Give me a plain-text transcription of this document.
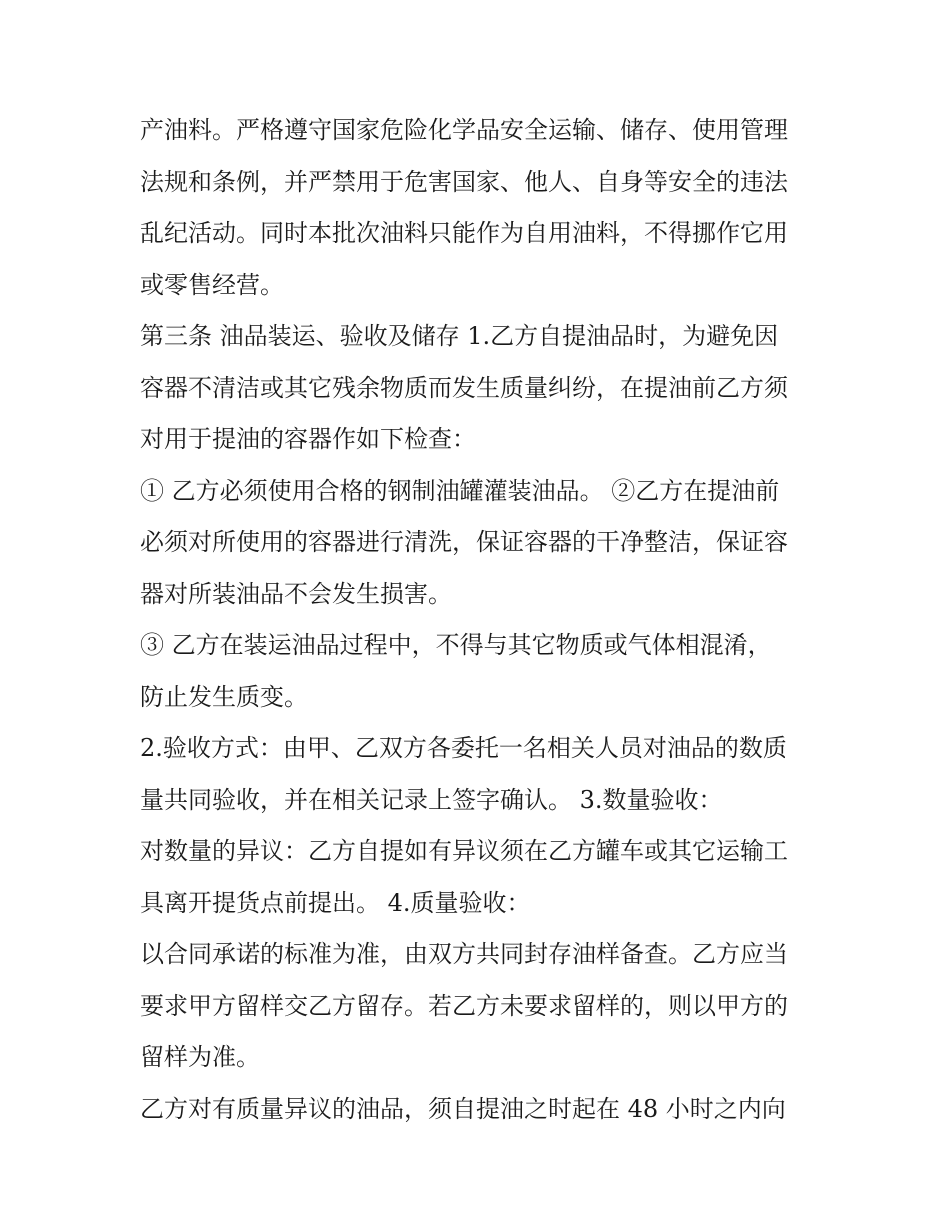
产油料。严格遵守国家危险化学品安全运输、储存、使用管理
法规和条例，并严禁用于危害国家、他人、自身等安全的违法
乱纪活动。同时本批次油料只能作为自用油料，不得挪作它用
或零售经营。
第三条 油品装运、验收及储存 1.乙方自提油品时，为避免因
容器不清洁或其它残余物质而发生质量纠纷，在提油前乙方须
对用于提油的容器作如下检查：
① 乙方必须使用合格的钢制油罐灌装油品。 ②乙方在提油前
必须对所使用的容器进行清洗，保证容器的干净整洁，保证容
器对所装油品不会发生损害。
③ 乙方在装运油品过程中，不得与其它物质或气体相混淆，
防止发生质变。
2.验收方式：由甲、乙双方各委托一名相关人员对油品的数质
量共同验收，并在相关记录上签字确认。 3.数量验收：
对数量的异议：乙方自提如有异议须在乙方罐车或其它运输工
具离开提货点前提出。 4.质量验收：
以合同承诺的标准为准，由双方共同封存油样备查。乙方应当
要求甲方留样交乙方留存。若乙方未要求留样的，则以甲方的
留样为准。
乙方对有质量异议的油品，须自提油之时起在 48 小时之内向
